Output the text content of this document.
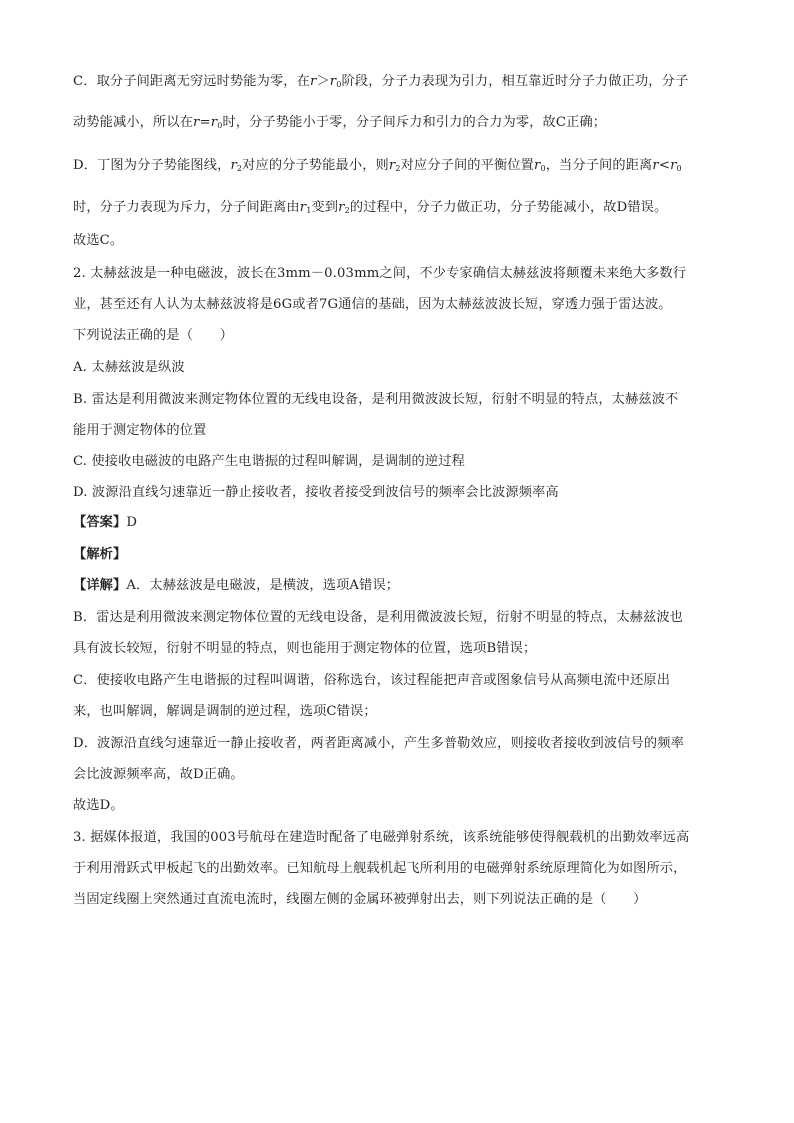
C．取分子间距离无穷远时势能为零，在$r>r_0$阶段，分子力表现为引力，相互靠近时分子力做正功，分子
动势能减小，所以在$r=r_0$时，分子势能小于零，分子间斥力和引力的合力为零，故C正确；
D．丁图为分子势能图线，$r_2$对应的分子势能最小，则$r_2$对应分子间的平衡位置$r_0$，当分子间的距离$r<r_0$
时，分子力表现为斥力，分子间距离由$r_1$变到$r_2$的过程中，分子力做正功，分子势能减小，故D错误。
故选C。
2. 太赫兹波是一种电磁波，波长在3mm－0.03mm之间，不少专家确信太赫兹波将颠覆未来绝大多数行
业，甚至还有人认为太赫兹波将是6G或者7G通信的基础，因为太赫兹波波长短，穿透力强于雷达波。
下列说法正确的是（　　）
A. 太赫兹波是纵波
B. 雷达是利用微波来测定物体位置的无线电设备，是利用微波波长短，衍射不明显的特点，太赫兹波不
能用于测定物体的位置
C. 使接收电磁波的电路产生电谐振的过程叫解调，是调制的逆过程
D. 波源沿直线匀速靠近一静止接收者，接收者接受到波信号的频率会比波源频率高
【答案】D
【解析】
【详解】A．太赫兹波是电磁波，是横波，选项A错误；
B．雷达是利用微波来测定物体位置的无线电设备，是利用微波波长短，衍射不明显的特点，太赫兹波也
具有波长较短，衍射不明显的特点，则也能用于测定物体的位置，选项B错误；
C．使接收电路产生电谐振的过程叫调谐，俗称选台，该过程能把声音或图象信号从高频电流中还原出
来，也叫解调，解调是调制的逆过程，选项C错误；
D．波源沿直线匀速靠近一静止接收者，两者距离减小，产生多普勒效应，则接收者接收到波信号的频率
会比波源频率高，故D正确。
故选D。
3. 据媒体报道，我国的003号航母在建造时配备了电磁弹射系统，该系统能够使得舰载机的出勤效率远高
于利用滑跃式甲板起飞的出勤效率。已知航母上舰载机起飞所利用的电磁弹射系统原理简化为如图所示，
当固定线圈上突然通过直流电流时，线圈左侧的金属环被弹射出去，则下列说法正确的是（　　）
